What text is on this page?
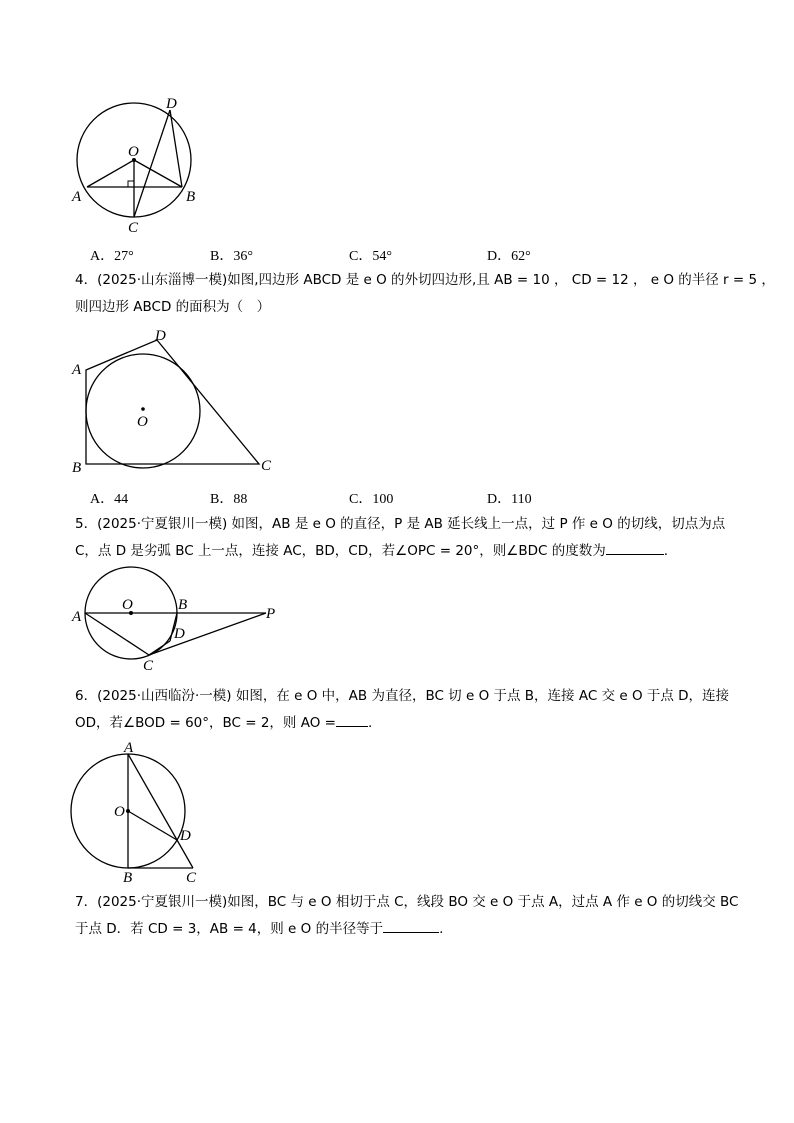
D
O
A	B
C
A．27°	B．36°	C．54°	D．62°
4．(2025·山东淄博一模)如图,四边形 ABCD 是 e O 的外切四边形,且 AB = 10 ， CD = 12 ， e O 的半径 r = 5 ，
则四边形 ABCD 的面积为（　）
D
A
O
B	C
A．44	B．88	C．100	D．110
5．(2025·宁夏银川一模) 如图，AB 是 e O 的直径，P 是 AB 延长线上一点，过 P 作 e O 的切线，切点为点
C，点 D 是劣弧 BC 上一点，连接 AC，BD，CD，若∠OPC = 20°，则∠BDC 的度数为	.
O	B
A	P
D
C
6．(2025·山西临汾·一模) 如图，在 e O 中，AB 为直径，BC 切 e O 于点 B，连接 AC 交 e O 于点 D，连接
OD，若∠BOD = 60°，BC = 2，则 AO = .
A
O
D
B	C
7．(2025·宁夏银川一模)如图，BC 与 e O 相切于点 C，线段 BO 交 e O 于点 A，过点 A 作 e O 的切线交 BC
于点 D．若 CD = 3，AB = 4，则 e O 的半径等于	.
